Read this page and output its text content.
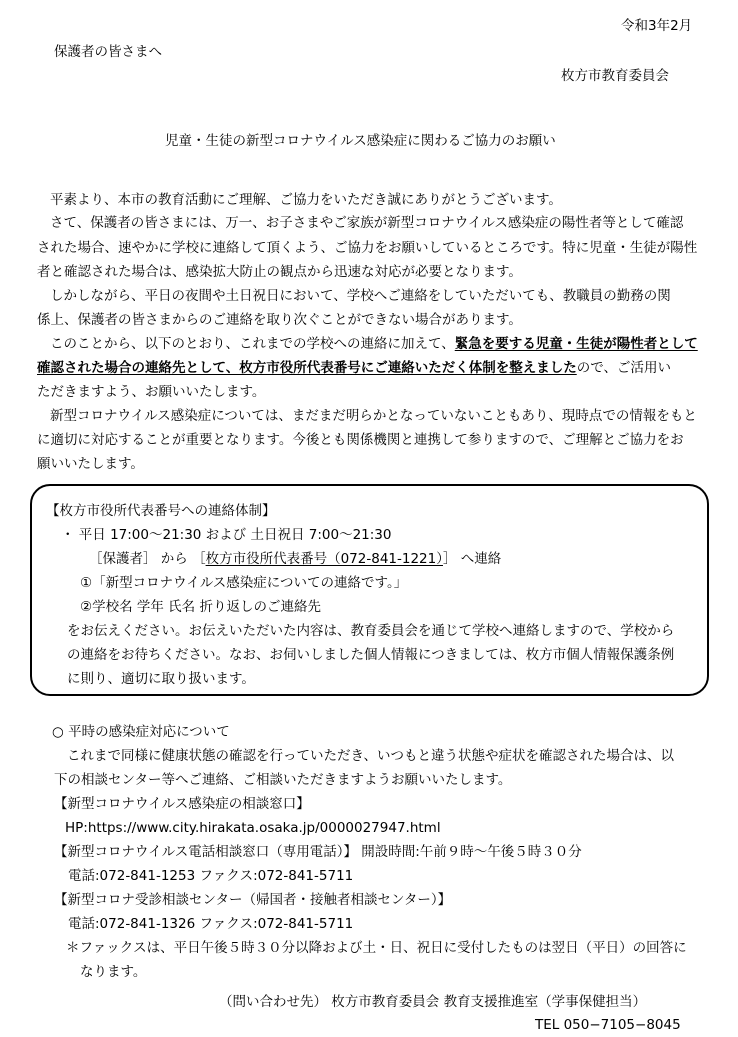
令和3年2月
保護者の皆さまへ
枚方市教育委員会
児童・生徒の新型コロナウイルス感染症に関わるご協力のお願い
平素より、本市の教育活動にご理解、ご協力をいただき誠にありがとうございます。
さて、保護者の皆さまには、万一、お子さまやご家族が新型コロナウイルス感染症の陽性者等として確認
された場合、速やかに学校に連絡して頂くよう、ご協力をお願いしているところです。特に児童・生徒が陽性
者と確認された場合は、感染拡大防止の観点から迅速な対応が必要となります。
しかしながら、平日の夜間や土日祝日において、学校へご連絡をしていただいても、教職員の勤務の関
係上、保護者の皆さまからのご連絡を取り次ぐことができない場合があります。
このことから、以下のとおり、これまでの学校への連絡に加えて、緊急を要する児童・生徒が陽性者として
確認された場合の連絡先として、枚方市役所代表番号にご連絡いただく体制を整えましたので、ご活用い
ただきますよう、お願いいたします。
新型コロナウイルス感染症については、まだまだ明らかとなっていないこともあり、現時点での情報をもと
に適切に対応することが重要となります。今後とも関係機関と連携して参りますので、ご理解とご協力をお
願いいたします。
【枚方市役所代表番号への連絡体制】
・ 平日 17:00～21:30 および 土日祝日 7:00～21:30
［保護者］ から ［枚方市役所代表番号（072-841-1221）］ へ連絡
①「新型コロナウイルス感染症についての連絡です。」
②学校名 学年 氏名 折り返しのご連絡先
をお伝えください。お伝えいただいた内容は、教育委員会を通じて学校へ連絡しますので、学校から
の連絡をお待ちください。なお、お伺いしました個人情報につきましては、枚方市個人情報保護条例
に則り、適切に取り扱います。
○ 平時の感染症対応について
これまで同様に健康状態の確認を行っていただき、いつもと違う状態や症状を確認された場合は、以
下の相談センター等へご連絡、ご相談いただきますようお願いいたします。
【新型コロナウイルス感染症の相談窓口】
HP:https://www.city.hirakata.osaka.jp/0000027947.html
【新型コロナウイルス電話相談窓口（専用電話）】 開設時間:午前９時～午後５時３０分
電話:072-841-1253 ファクス:072-841-5711
【新型コロナ受診相談センター（帰国者・接触者相談センター）】
電話:072-841-1326 ファクス:072-841-5711
＊ファックスは、平日午後５時３０分以降および土・日、祝日に受付したものは翌日（平日）の回答に
なります。
（問い合わせ先） 枚方市教育委員会 教育支援推進室（学事保健担当）
TEL 050−7105−8045
